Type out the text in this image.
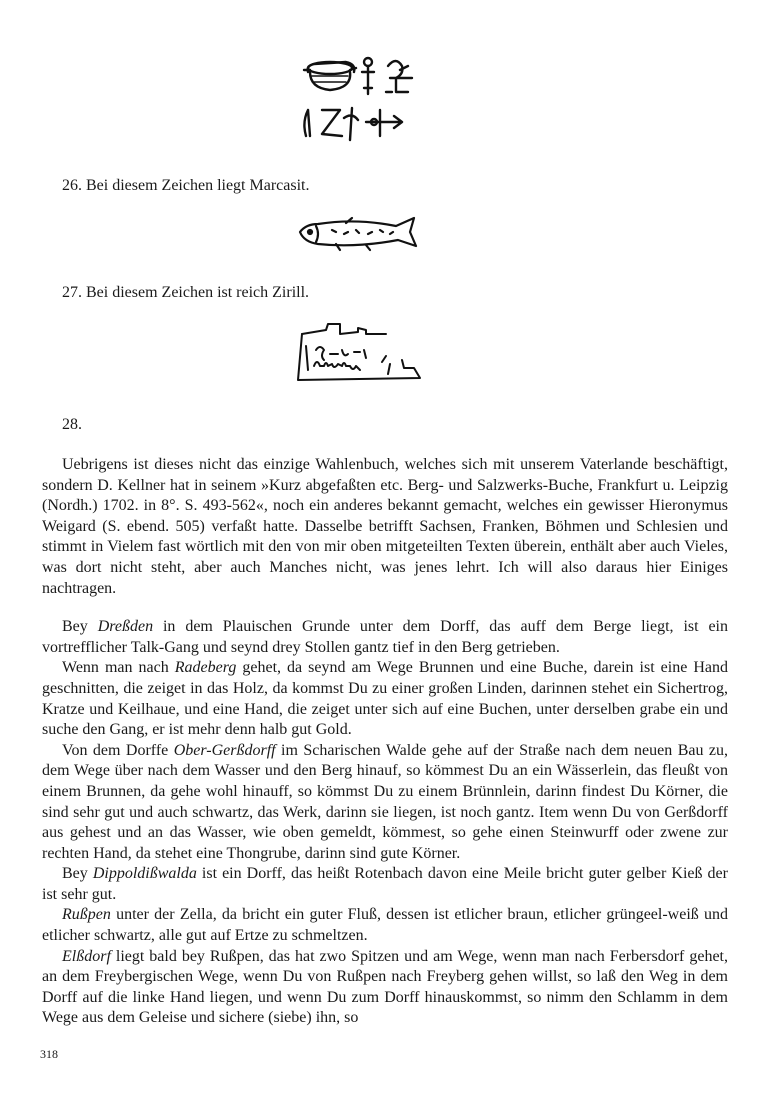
26. Bei diesem Zeichen liegt Marcasit.
27. Bei diesem Zeichen ist reich Zirill.
28.

Uebrigens ist dieses nicht das einzige Wahlenbuch, welches sich mit unserem Vaterlande beschäftigt, sondern D. Kellner hat in seinem »Kurz abgefaßten etc. Berg- und Salzwerks-Buche, Frankfurt u. Leipzig (Nordh.) 1702. in 8°. S. 493-562«, noch ein anderes bekannt gemacht, welches ein gewisser Hieronymus Weigard (S. ebend. 505) verfaßt hatte. Dasselbe betrifft Sachsen, Franken, Böhmen und Schlesien und stimmt in Vielem fast wörtlich mit den von mir oben mitgeteilten Texten überein, enthält aber auch Vieles, was dort nicht steht, aber auch Manches nicht, was jenes lehrt. Ich will also daraus hier Einiges nachtragen.

Bey Dreßden in dem Plauischen Grunde unter dem Dorff, das auff dem Berge liegt, ist ein vortrefflicher Talk-Gang und seynd drey Stollen gantz tief in den Berg getrieben.

Wenn man nach Radeberg gehet, da seynd am Wege Brunnen und eine Buche, darein ist eine Hand geschnitten, die zeiget in das Holz, da kommst Du zu einer großen Linden, darinnen stehet ein Sichertrog, Kratze und Keilhaue, und eine Hand, die zeiget unter sich auf eine Buchen, unter derselben grabe ein und suche den Gang, er ist mehr denn halb gut Gold.

Von dem Dorffe Ober-Gerßdorff im Scharischen Walde gehe auf der Straße nach dem neuen Bau zu, dem Wege über nach dem Wasser und den Berg hinauf, so kömmest Du an ein Wässerlein, das fleußt von einem Brunnen, da gehe wohl hinauff, so kömmst Du zu einem Brünnlein, darinn findest Du Körner, die sind sehr gut und auch schwartz, das Werk, darinn sie liegen, ist noch gantz. Item wenn Du von Gerßdorff aus gehest und an das Wasser, wie oben gemeldt, kömmest, so gehe einen Steinwurff oder zwene zur rechten Hand, da stehet eine Thongrube, darinn sind gute Körner.

Bey Dippoldißwalda ist ein Dorff, das heißt Rotenbach davon eine Meile bricht guter gelber Kieß der ist sehr gut.

Rußpen unter der Zella, da bricht ein guter Fluß, dessen ist etlicher braun, etlicher grüngeel-weiß und etlicher schwartz, alle gut auf Ertze zu schmeltzen.

Elßdorf liegt bald bey Rußpen, das hat zwo Spitzen und am Wege, wenn man nach Ferbersdorf gehet, an dem Freybergischen Wege, wenn Du von Rußpen nach Freyberg gehen willst, so laß den Weg in dem Dorff auf die linke Hand liegen, und wenn Du zum Dorff hinauskommst, so nimm den Schlamm in dem Wege aus dem Geleise und sichere (siebe) ihn, so

318
